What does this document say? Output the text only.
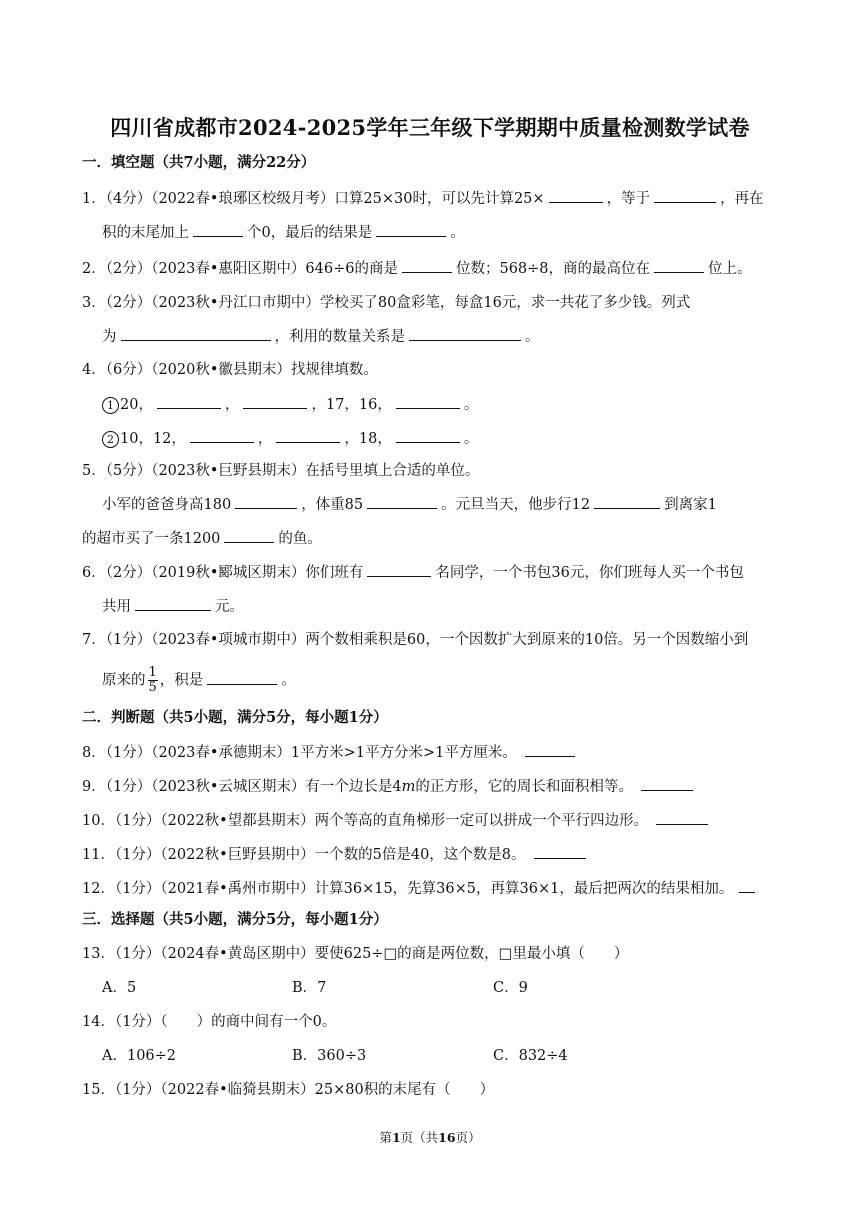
四川省成都市2024-2025学年三年级下学期期中质量检测数学试卷
一．填空题（共7小题，满分22分）
1．（4分）（2022春•琅琊区校级月考）口算25×30时，可以先计算25×	，等于	，再在
积的末尾加上	个0，最后的结果是	。
2．（2分）（2023春•惠阳区期中）646÷6的商是	位数；568÷8，商的最高位在	位上。
3．（2分）（2023秋•丹江口市期中）学校买了80盒彩笔，每盒16元，求一共花了多少钱。列式
为	，利用的数量关系是	。
4．（6分）（2020秋•徽县期末）找规律填数。
1 20，	，	，17，16，	。
2 10，12，	，	，18，	。
5．（5分）（2023秋•巨野县期末）在括号里填上合适的单位。
小军的爸爸身高180	，体重85	。元旦当天，他步行12	到离家1
的超市买了一条1200	的鱼。
6．（2分）（2019秋•郾城区期末）你们班有	名同学，一个书包36元，你们班每人买一个书包
共用	元。
7．（1分）（2023春•项城市期中）两个数相乘积是60，一个因数扩大到原来的10倍。另一个因数缩小到
原来的 $\frac{1}{5}$ ，积是	。
二．判断题（共5小题，满分5分，每小题1分）
8．（1分）（2023春•承德期末）1平方米>1平方分米>1平方厘米。
9．（1分）（2023秋•云城区期末）有一个边长是4m的正方形，它的周长和面积相等。
10．（1分）（2022秋•望都县期末）两个等高的直角梯形一定可以拼成一个平行四边形。
11．（1分）（2022秋•巨野县期中）一个数的5倍是40，这个数是8。
12．（1分）（2021春•禹州市期中）计算36×15，先算36×5，再算36×1，最后把两次的结果相加。
三．选择题（共5小题，满分5分，每小题1分）
13．（1分）（2024春•黄岛区期中）要使625÷□的商是两位数，□里最小填（　　）
A．5	B．7	C．9
14．（1分）（　　）的商中间有一个0。
A．106÷2	B．360÷3	C．832÷4
15．（1分）（2022春•临猗县期末）25×80积的末尾有（　　）
第1页（共16页）
